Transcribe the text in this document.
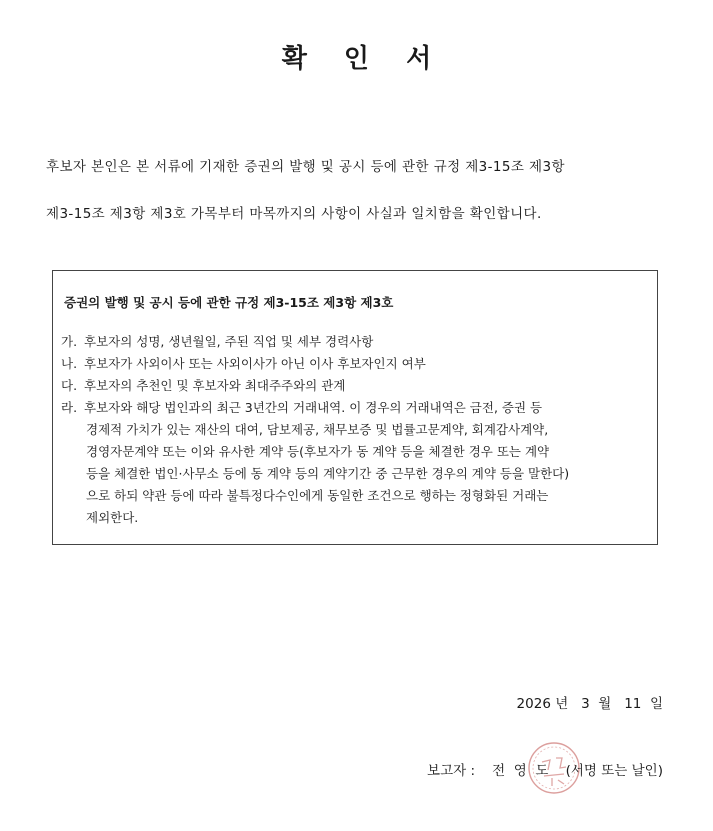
확 인 서
후보자 본인은 본 서류에 기재한 증권의 발행 및 공시 등에 관한 규정 제3-15조 제3항
제3-15조 제3항 제3호 가목부터 마목까지의 사항이 사실과 일치함을 확인합니다.
증권의 발행 및 공시 등에 관한 규정 제3-15조 제3항 제3호
가. 후보자의 성명, 생년월일, 주된 직업 및 세부 경력사항
나. 후보자가 사외이사 또는 사외이사가 아닌 이사 후보자인지 여부
다. 후보자의 추천인 및 후보자와 최대주주와의 관계
라. 후보자와 해당 법인과의 최근 3년간의 거래내역. 이 경우의 거래내역은 금전, 증권 등
경제적 가치가 있는 재산의 대여, 담보제공, 채무보증 및 법률고문계약, 회계감사계약,
경영자문계약 또는 이와 유사한 계약 등(후보자가 동 계약 등을 체결한 경우 또는 계약
등을 체결한 법인·사무소 등에 동 계약 등의 계약기간 중 근무한 경우의 계약 등을 말한다)
으로 하되 약관 등에 따라 불특정다수인에게 동일한 조건으로 행하는 정형화된 거래는
제외한다.
2026 년   3  월   11  일
보고자 :    전  영  도    (서명 또는 날인)
